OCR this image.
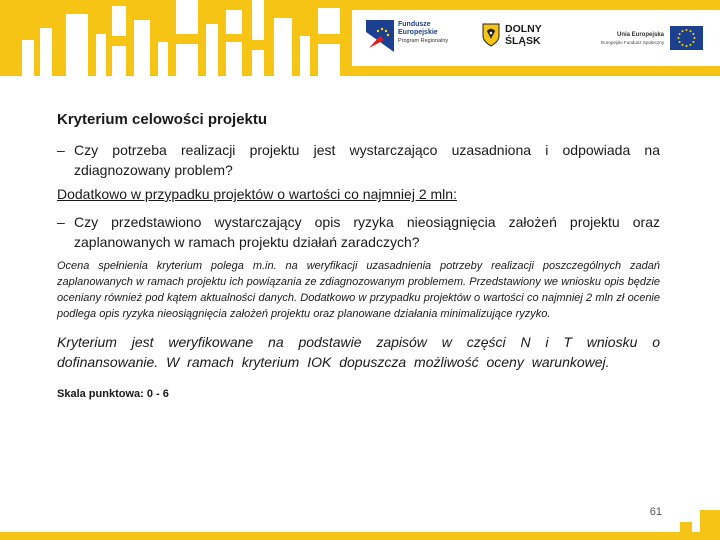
Fundusze
Europejskie
Program Regionalny
DOLNY
ŚLĄSK	Unia Europejska
Europejski Fundusz Społeczny

Kryterium celowości projektu

‒ Czy potrzeba realizacji projektu jest wystarczająco uzasadniona i odpowiada na zdiagnozowany problem?

Dodatkowo w przypadku projektów o wartości co najmniej 2 mln:

‒ Czy przedstawiono wystarczający opis ryzyka nieosiągnięcia założeń projektu oraz zaplanowanych w ramach projektu działań zaradczych?

Ocena spełnienia kryterium polega m.in. na weryfikacji uzasadnienia potrzeby realizacji poszczególnych zadań zaplanowanych w ramach projektu ich powiązania ze zdiagnozowanym problemem. Przedstawiony we wniosku opis będzie oceniany również pod kątem aktualności danych. Dodatkowo w przypadku projektów o wartości co najmniej 2 mln zł ocenie podlega opis ryzyka nieosiągnięcia założeń projektu oraz planowane działania minimalizujące ryzyko.

Kryterium jest weryfikowane na podstawie zapisów w części N i T wniosku o dofinansowanie. W ramach kryterium IOK dopuszcza możliwość oceny warunkowej.

Skala punktowa: 0 - 6

61
